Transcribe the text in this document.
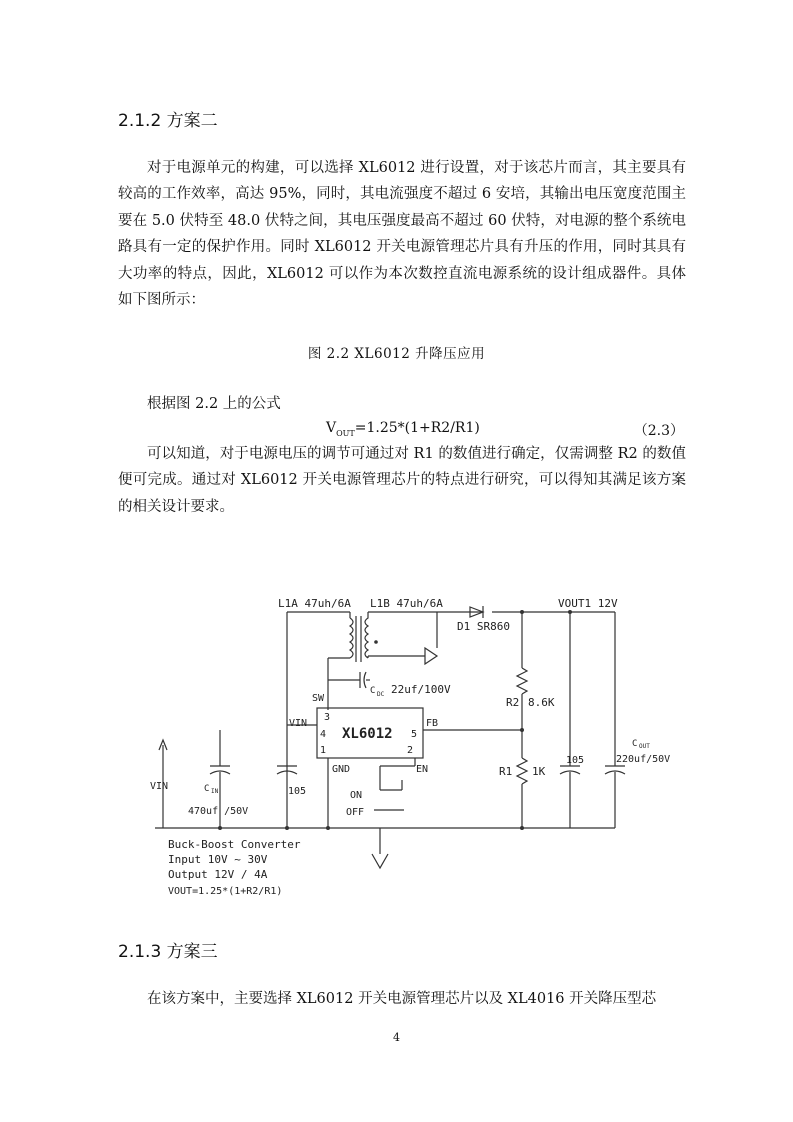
2.1.2 方案二

对于电源单元的构建，可以选择 XL6012 进行设置，对于该芯片而言，其主要具有较高的工作效率，高达 95%，同时，其电流强度不超过 6 安培，其输出电压宽度范围主要在 5.0 伏特至 48.0 伏特之间，其电压强度最高不超过 60 伏特，对电源的整个系统电路具有一定的保护作用。同时 XL6012 开关电源管理芯片具有升压的作用，同时其具有大功率的特点，因此，XL6012 可以作为本次数控直流电源系统的设计组成器件。具体如下图所示：

图 2.2 XL6012 升降压应用

根据图 2.2 上的公式

$V_{OUT}=1.25*(1+R2/R1)$	（2.3）

可以知道，对于电源电压的调节可通过对 R1 的数值进行确定，仅需调整 R2 的数值便可完成。通过对 XL6012 开关电源管理芯片的特点进行研究，可以得知其满足该方案的相关设计要求。

L1A 47uh/6A L1B 47uh/6A
D1 SR860
VOUT1 12V
C DC 22uf/100V
SW
3
VIN
4 XL6012 5
FB
1	2
GND	EN
R2 8.6K
R1 1K
105
C OUT
220uf/50V
VIN	C IN
470uf /50V
105	ON
OFF
Buck-Boost Converter
Input 10V ~ 30V
Output 12V / 4A
VOUT=1.25*(1+R2/R1)
2.1.3 方案三

在该方案中，主要选择 XL6012 开关电源管理芯片以及 XL4016 开关降压型芯

4
